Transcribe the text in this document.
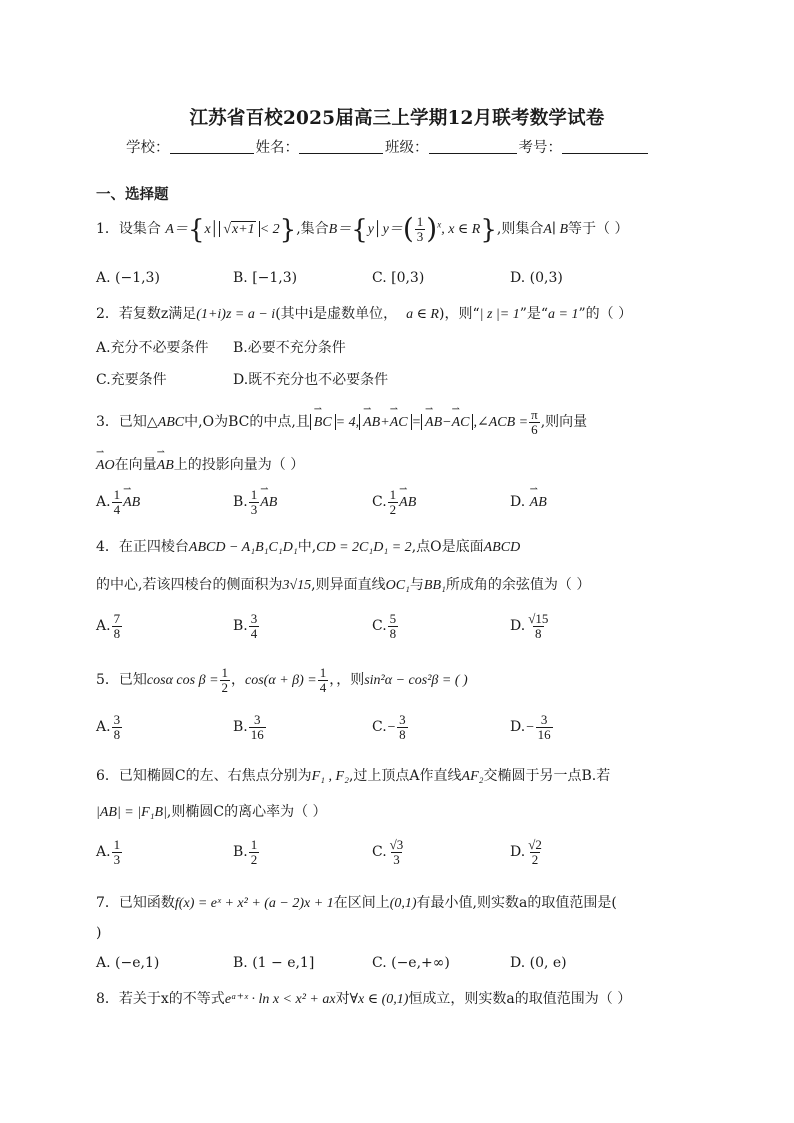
江苏省百校2025届高三上学期12月联考数学试卷
学校：	姓名：	班级：	考号：
一、选择题
1．设集合 A＝{x│ √x+1 < 2},集合B＝{y│y＝( $\frac{1}{3} )^x$, x ∈ R},则集合A∣ B等于（ ）
A. (−1,3)	B. [−1,3)	C. [0,3)	D. (0,3)
2．若复数z满足(1+i)z = a − i(其中i是虚数单位， a ∈ R)，则“| z |= 1”是“a = 1”的（ ）
A.充分不必要条件 B.必要不充分条件
C.充要条件	D.既不充分也不必要条件
3．已知△ABC中,O为BC的中点,且 ⇀ BC = 4, ⇀ AB+⇀ AC = ⇀ AB−⇀ AC ,∠ACB = $\frac{\pi}{6}$ ,则向量
⇀ AO在向量⇀ AB上的投影向量为（ ）
A. $\frac{1}{4}$ ⇀ AB	B. $\frac{1}{3}$ ⇀ AB	C. $\frac{1}{2}$ ⇀ AB	D. ⇀ AB
4．在正四棱台ABCD − A₁B₁C₁D₁中,CD = 2C₁D₁ = 2,点O是底面ABCD
的中心,若该四棱台的侧面积为3√15,则异面直线OC₁与BB₁所成角的余弦值为（ ）
A. $\frac{7}{8}$	B. $\frac{3}{4}$	C. $\frac{5}{8}$	D. $\frac{√15}{8}$
5．已知cosα $\cos \beta = \frac{1}{2}$ ，$\cos(\alpha + \beta) = \frac{1}{4}$ ，，则sin²α − cos²β = ( )
A. $\frac{3}{8}$	B. $\frac{3}{16}$	$C.- \frac{3}{8}$	$D.- \frac{3}{16}$
6．已知椭圆C的左、右焦点分别为F₁ , F₂,过上顶点A作直线AF₂交椭圆于另一点B.若
|AB| = |F₁B|,则椭圆C的离心率为（ ）
A. $\frac{1}{3}$	B. $\frac{1}{2}$	C. $\frac{√3}{3}$	D. $\frac{√2}{2}$
7．已知函数f(x) = eˣ + x² + (a − 2)x + 1在区间上(0,1)有最小值,则实数a的取值范围是(
)
A. (−e,1)	B. (1 − e,1]	C. (−e,+∞)	D. (0, e)
8．若关于x的不等式eᵃ⁺ˣ · ln x < x² + ax对∀x ∈ (0,1)恒成立，则实数a的取值范围为（ ）
